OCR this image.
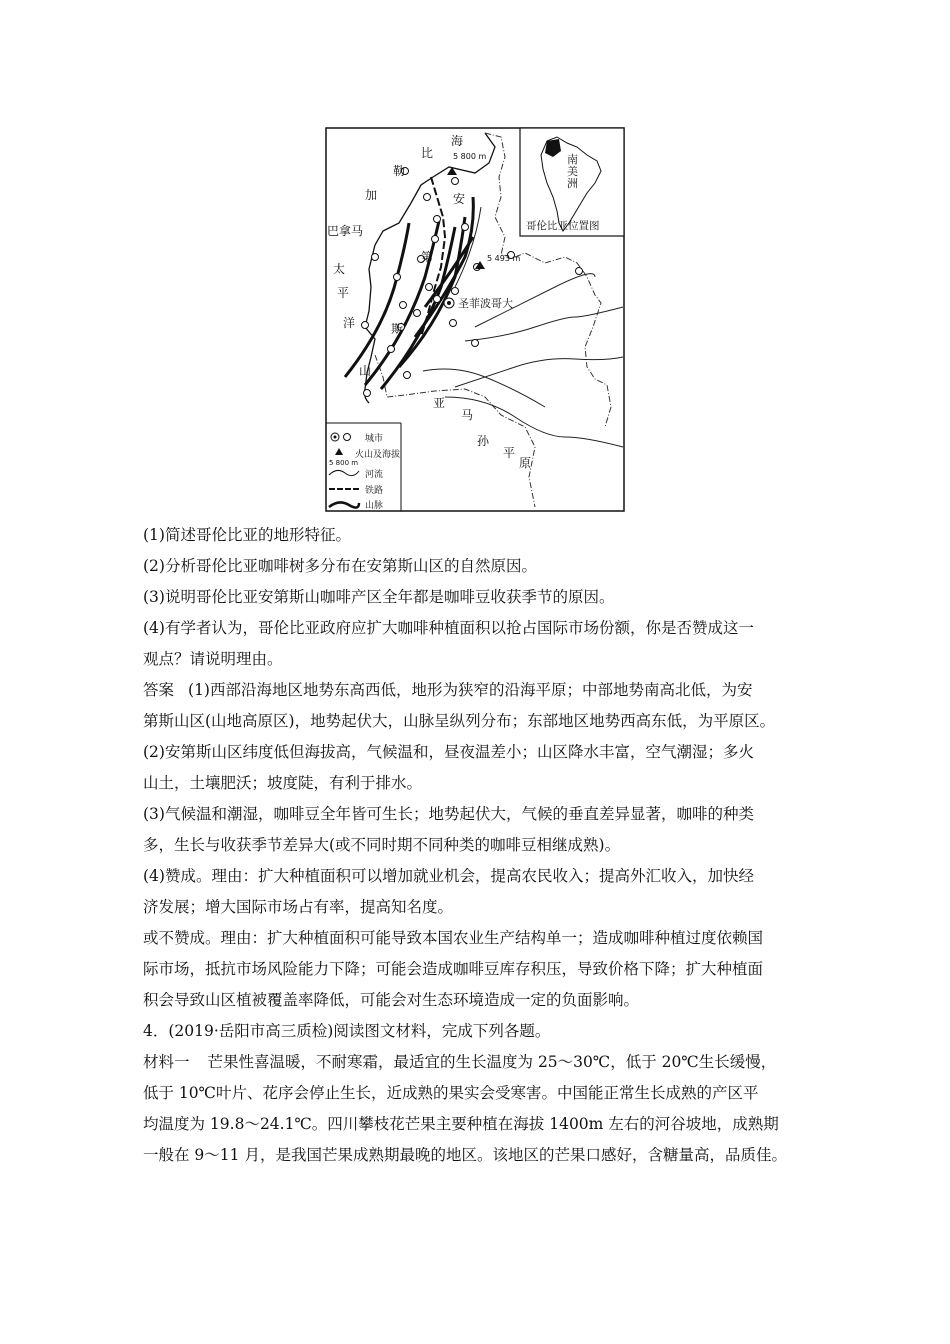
南
美
洲
哥伦比亚位置图
海
比
勒
加
5 800 m
5 493 m
巴拿马
太
平
洋
安
第
斯
山
圣菲波哥大
亚
马
孙
平
原
城市
5 800 m
火山及海拔
河流
铁路
山脉

(1)简述哥伦比亚的地形特征。

(2)分析哥伦比亚咖啡树多分布在安第斯山区的自然原因。

(3)说明哥伦比亚安第斯山咖啡产区全年都是咖啡豆收获季节的原因。

(4)有学者认为，哥伦比亚政府应扩大咖啡种植面积以抢占国际市场份额，你是否赞成这一

观点？请说明理由。

答案 (1)西部沿海地区地势东高西低，地形为狭窄的沿海平原；中部地势南高北低，为安

第斯山区(山地高原区)，地势起伏大，山脉呈纵列分布；东部地区地势西高东低，为平原区。

(2)安第斯山区纬度低但海拔高，气候温和，昼夜温差小；山区降水丰富，空气潮湿；多火

山土，土壤肥沃；坡度陡，有利于排水。

(3)气候温和潮湿，咖啡豆全年皆可生长；地势起伏大，气候的垂直差异显著，咖啡的种类

多，生长与收获季节差异大(或不同时期不同种类的咖啡豆相继成熟)。

(4)赞成。理由：扩大种植面积可以增加就业机会，提高农民收入；提高外汇收入，加快经

济发展；增大国际市场占有率，提高知名度。

或不赞成。理由：扩大种植面积可能导致本国农业生产结构单一；造成咖啡种植过度依赖国

际市场，抵抗市场风险能力下降；可能会造成咖啡豆库存积压，导致价格下降；扩大种植面

积会导致山区植被覆盖率降低，可能会对生态环境造成一定的负面影响。

4．(2019·岳阳市高三质检)阅读图文材料，完成下列各题。

材料一 芒果性喜温暖，不耐寒霜，最适宜的生长温度为 25～30℃，低于 20℃生长缓慢，

低于 10℃叶片、花序会停止生长，近成熟的果实会受寒害。中国能正常生长成熟的产区平

均温度为 19.8～24.1℃。四川攀枝花芒果主要种植在海拔 1400m 左右的河谷坡地，成熟期

一般在 9～11 月，是我国芒果成熟期最晚的地区。该地区的芒果口感好，含糖量高，品质佳。
